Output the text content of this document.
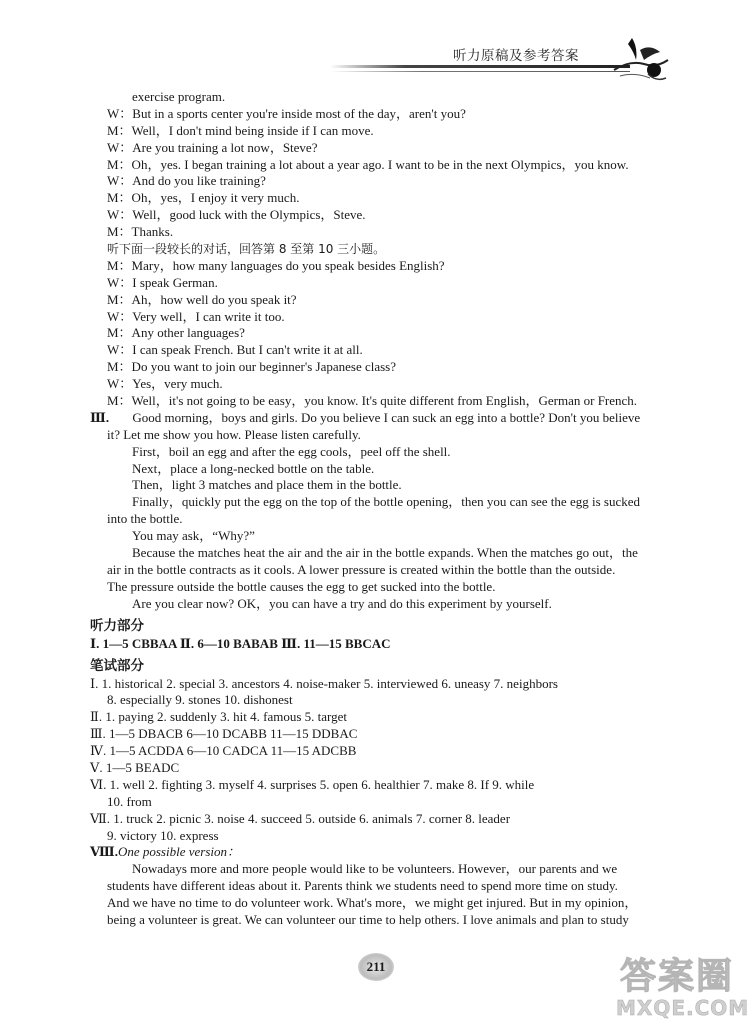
听力原稿及参考答案
exercise program.
W：But in a sports center you're inside most of the day，aren't you?
M：Well，I don't mind being inside if I can move.
W：Are you training a lot now，Steve?
M：Oh，yes. I began training a lot about a year ago. I want to be in the next Olympics，you know.
W：And do you like training?
M：Oh，yes，I enjoy it very much.
W：Well，good luck with the Olympics，Steve.
M：Thanks.
听下面一段较长的对话，回答第 8 至第 10 三小题。
M：Mary，how many languages do you speak besides English?
W：I speak German.
M：Ah，how well do you speak it?
W：Very well，I can write it too.
M：Any other languages?
W：I can speak French. But I can't write it at all.
M：Do you want to join our beginner's Japanese class?
W：Yes，very much.
M：Well，it's not going to be easy，you know. It's quite different from English，German or French.
Ⅲ. Good morning，boys and girls. Do you believe I can suck an egg into a bottle? Don't you believe
it? Let me show you how. Please listen carefully.
First，boil an egg and after the egg cools，peel off the shell.
Next，place a long-necked bottle on the table.
Then，light 3 matches and place them in the bottle.
Finally，quickly put the egg on the top of the bottle opening，then you can see the egg is sucked
into the bottle.
You may ask，“Why?”
Because the matches heat the air and the air in the bottle expands. When the matches go out，the
air in the bottle contracts as it cools. A lower pressure is created within the bottle than the outside.
The pressure outside the bottle causes the egg to get sucked into the bottle.
Are you clear now? OK，you can have a try and do this experiment by yourself.
听力部分
Ⅰ. 1—5 CBBAA Ⅱ. 6—10 BABAB Ⅲ. 11—15 BBCAC
笔试部分
Ⅰ. 1. historical 2. special 3. ancestors 4. noise-maker 5. interviewed 6. uneasy 7. neighbors
8. especially 9. stones 10. dishonest
Ⅱ. 1. paying 2. suddenly 3. hit 4. famous 5. target
Ⅲ. 1—5 DBACB 6—10 DCABB 11—15 DDBAC
Ⅳ. 1—5 ACDDA 6—10 CADCA 11—15 ADCBB
Ⅴ. 1—5 BEADC
Ⅵ. 1. well 2. fighting 3. myself 4. surprises 5. open 6. healthier 7. make 8. If 9. while
10. from
Ⅶ. 1. truck 2. picnic 3. noise 4. succeed 5. outside 6. animals 7. corner 8. leader
9. victory 10. express
Ⅷ.One possible version：
Nowadays more and more people would like to be volunteers. However，our parents and we
students have different ideas about it. Parents think we students need to spend more time on study.
And we have no time to do volunteer work. What's more，we might get injured. But in my opinion，
being a volunteer is great. We can volunteer our time to help others. I love animals and plan to study
211	答案圈
MXQE.COM
